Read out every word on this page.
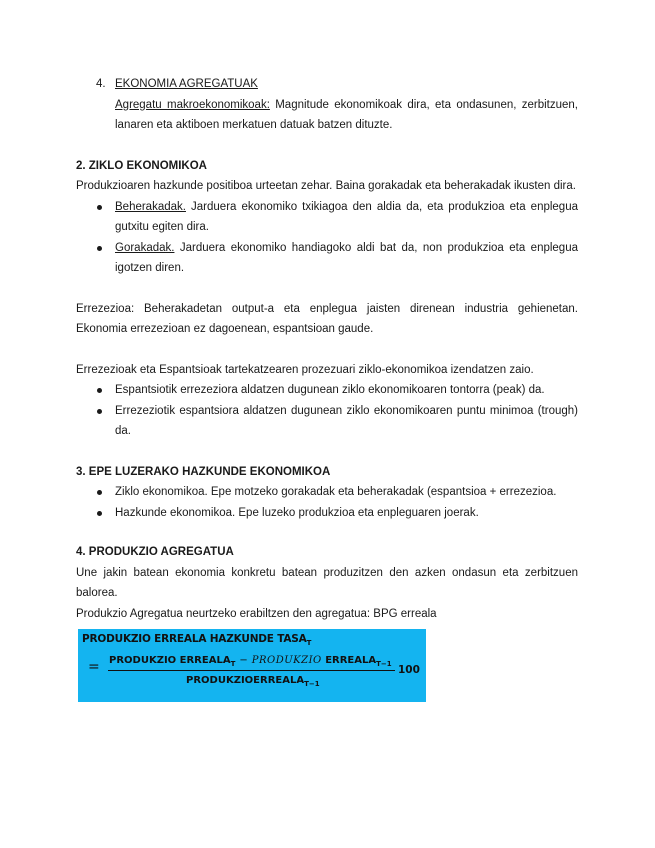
4. EKONOMIA AGREGATUAK

Agregatu makroekonomikoak: Magnitude ekonomikoak dira, eta ondasunen, zerbitzuen, lanaren eta aktiboen merkatuen datuak batzen dituzte.

2. ZIKLO EKONOMIKOA

Produkzioaren hazkunde positiboa urteetan zehar. Baina gorakadak eta beherakadak ikusten dira.

Beherakadak. Jarduera ekonomiko txikiagoa den aldia da, eta produkzioa eta enplegua gutxitu egiten dira.
Gorakadak. Jarduera ekonomiko handiagoko aldi bat da, non produkzioa eta enplegua igotzen diren.

Errezezioa: Beherakadetan output-a eta enplegua jaisten direnean industria gehienetan. Ekonomia errezezioan ez dagoenean, espantsioan gaude.

Errezezioak eta Espantsioak tartekatzearen prozezuari ziklo-ekonomikoa izendatzen zaio.

Espantsiotik errezeziora aldatzen dugunean ziklo ekonomikoaren tontorra (peak) da.
Errezeziotik espantsiora aldatzen dugunean ziklo ekonomikoaren puntu minimoa (trough) da.
3. EPE LUZERAKO HAZKUNDE EKONOMIKOA
Ziklo ekonomikoa. Epe motzeko gorakadak eta beherakadak (espantsioa + errezezioa.
Hazkunde ekonomikoa. Epe luzeko produkzioa eta enpleguaren joerak.
4. PRODUKZIO AGREGATUA

Une jakin batean ekonomia konkretu batean produzitzen den azken ondasun eta zerbitzuen balorea.

Produkzio Agregatua neurtzeko erabiltzen den agregatua: BPG erreala

PRODUKZIO ERREALA HAZKUNDE $TASA_T$
= PRODUKZIO $ERREALA_T$ − PRODUKZIO $ERREALA_{T-1}$
$PRODUKZIOERREALA_{T-1}$
100
